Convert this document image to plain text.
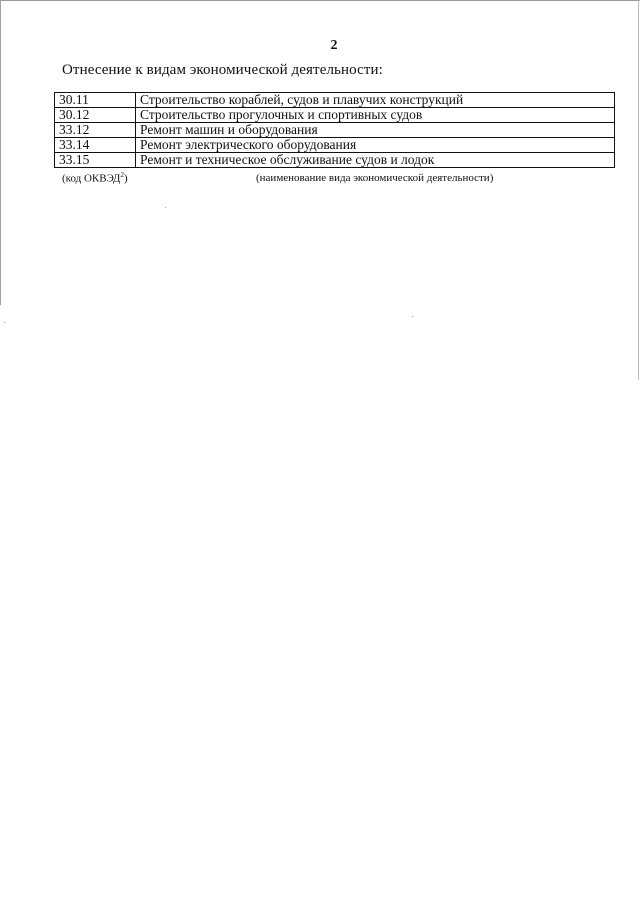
2
Отнесение к видам экономической деятельности:
30.11	Строительство кораблей, судов и плавучих конструкций
30.12	Строительство прогулочных и спортивных судов
33.12	Ремонт машин и оборудования
33.14	Ремонт электрического оборудования
33.15	Ремонт и техническое обслуживание судов и лодок
(код ОКВЭД$^2$)	(наименование вида экономической деятельности)
